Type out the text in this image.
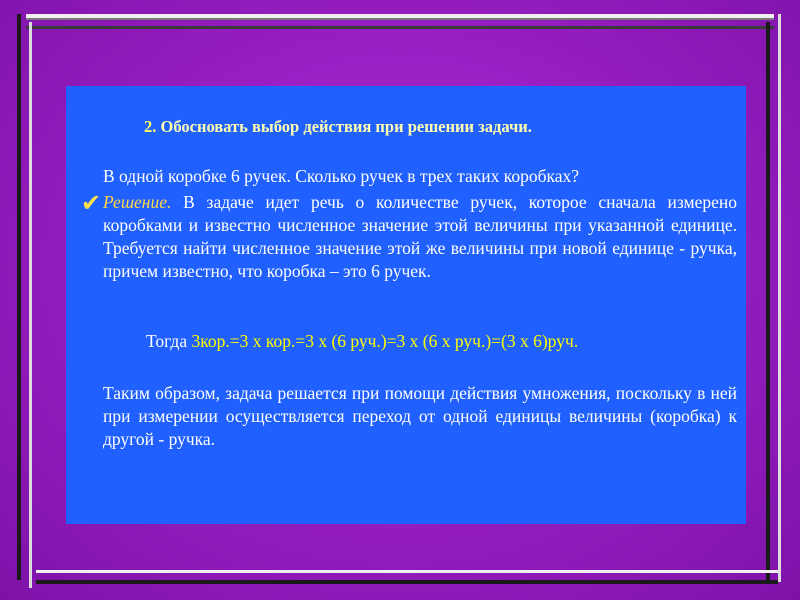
2. Обосновать выбор действия при решении задачи.

В одной коробке 6 ручек. Сколько ручек в трех таких коробках?

✔ Решение. В задаче идет речь о количестве ручек, которое сначала измерено коробками и известно численное значение этой величины при указанной единице. Требуется найти численное значение этой же величины при новой единице - ручка, причем известно, что коробка – это 6 ручек.

Тогда 3кор.=3 х кор.=3 х (6 руч.)=3 х (6 х руч.)=(3 х 6)руч.

Таким образом, задача решается при помощи действия умножения, поскольку в ней при измерении осуществляется переход от одной единицы величины (коробка) к другой - ручка.
